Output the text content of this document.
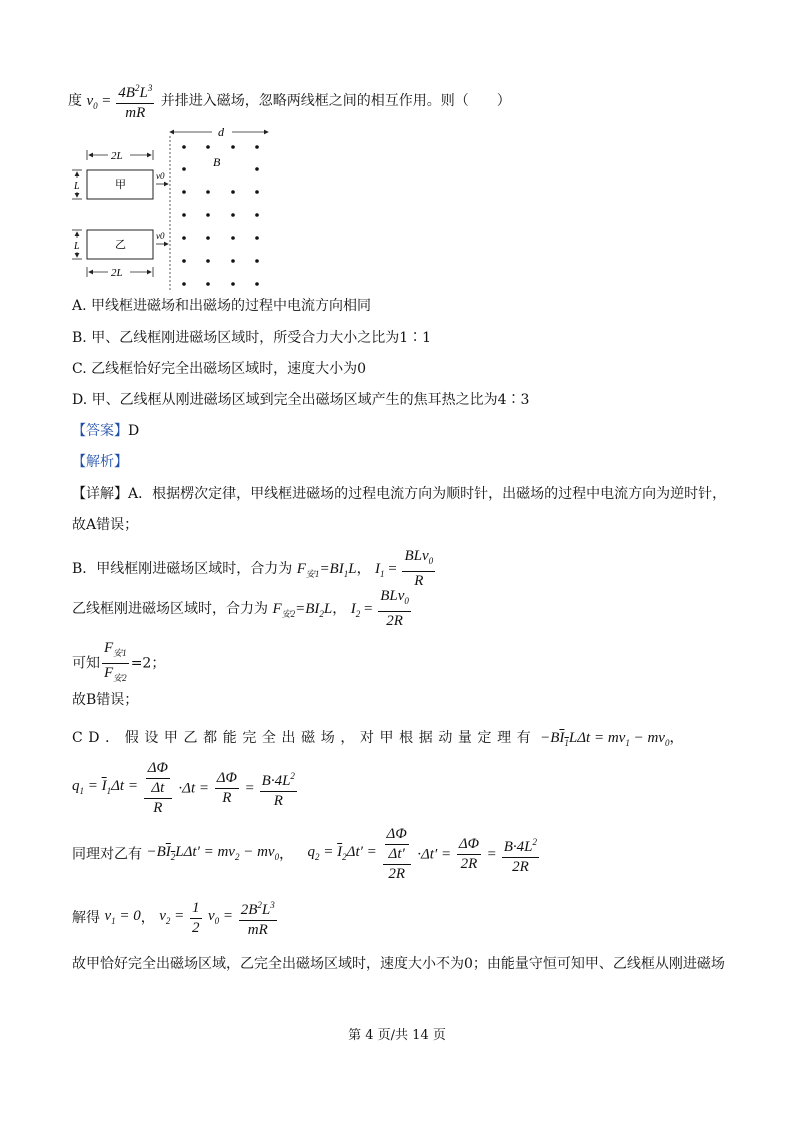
度 $v_0 = \frac{4B^2L^3}{mR}$ 并排进入磁场，忽略两线框之间的相互作用。则（　　）
d
B
2L
甲
L
v0
乙
L
v0
2L
A. 甲线框进磁场和出磁场的过程中电流方向相同
B. 甲、乙线框刚进磁场区域时，所受合力大小之比为1∶1
C. 乙线框恰好完全出磁场区域时，速度大小为0
D. 甲、乙线框从刚进磁场区域到完全出磁场区域产生的焦耳热之比为4∶3
【答案】D
【解析】
【详解】A．根据楞次定律，甲线框进磁场的过程电流方向为顺时针，出磁场的过程中电流方向为逆时针，
故A错误；
B．甲线框刚进磁场区域时，合力为 $F_{安1}=BI_1L$， $I_1 = \frac{BLv_0}{R}$
乙线框刚进磁场区域时，合力为 $F_{安2}=BI_2L$， $I_2 = \frac{BLv_0}{2R}$
可知 $\frac{F_{安1}}{F_{安2}} =2$；
故B错误；
CD．假设甲乙都能完全出磁场，对甲根据动量定理有 $-BI_1L\Delta t = mv_1 - mv_0$，
$q_1 = \overline{I}_1\Delta t = \frac{\frac{\Delta\Phi}{\Delta t}}{R} \cdot\Delta t = \frac{\Delta\Phi}{R} = \frac{B\cdot 4L^2}{R}$
同理对乙有 $-BI_2L\Delta t' = mv_2 - mv_0$， $q_2 = \overline{I}_2\Delta t' = \frac{\frac{\Delta\Phi}{\Delta t'}}{2R} \cdot\Delta t' = \frac{\Delta\Phi}{2R} = \frac{B\cdot 4L^2}{2R}$
解得 $v_1 = 0$， $v_2 = \frac{1}{2} v_0 = \frac{2B^2L^3}{mR}$
故甲恰好完全出磁场区域，乙完全出磁场区域时，速度大小不为0；由能量守恒可知甲、乙线框从刚进磁场
第 4 页/共 14 页
